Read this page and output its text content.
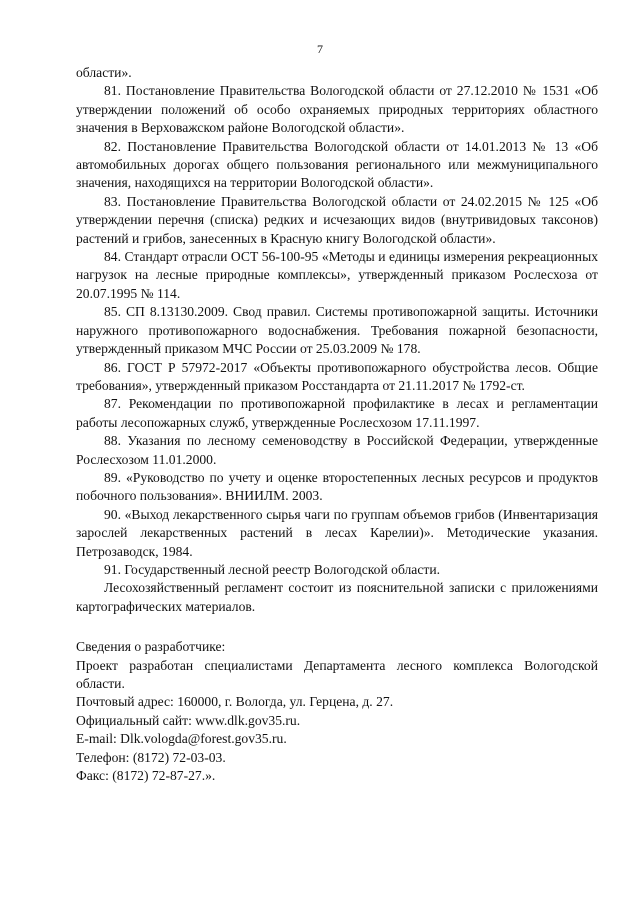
7

области».

81. Постановление Правительства Вологодской области от 27.12.2010 № 1531 «Об утверждении положений об особо охраняемых природных территориях областного значения в Верховажском районе Вологодской области».

82. Постановление Правительства Вологодской области от 14.01.2013 № 13 «Об автомобильных дорогах общего пользования регионального или межмуниципального значения, находящихся на территории Вологодской области».

83. Постановление Правительства Вологодской области от 24.02.2015 № 125 «Об утверждении перечня (списка) редких и исчезающих видов (внутривидовых таксонов) растений и грибов, занесенных в Красную книгу Вологодской области».

84. Стандарт отрасли ОСТ 56-100-95 «Методы и единицы измерения рекреационных нагрузок на лесные природные комплексы», утвержденный приказом Рослесхоза от 20.07.1995 № 114.

85. СП 8.13130.2009. Свод правил. Системы противопожарной защиты. Источники наружного противопожарного водоснабжения. Требования пожарной безопасности, утвержденный приказом МЧС России от 25.03.2009 № 178.

86. ГОСТ Р 57972-2017 «Объекты противопожарного обустройства лесов. Общие требования», утвержденный приказом Росстандарта от 21.11.2017 № 1792-ст.

87. Рекомендации по противопожарной профилактике в лесах и регламентации работы лесопожарных служб, утвержденные Рослесхозом 17.11.1997.

88. Указания по лесному семеноводству в Российской Федерации, утвержденные Рослесхозом 11.01.2000.

89. «Руководство по учету и оценке второстепенных лесных ресурсов и продуктов побочного пользования». ВНИИЛМ. 2003.

90. «Выход лекарственного сырья чаги по группам объемов грибов (Инвентаризация зарослей лекарственных растений в лесах Карелии)». Методические указания. Петрозаводск, 1984.

91. Государственный лесной реестр Вологодской области.

Лесохозяйственный регламент состоит из пояснительной записки с приложениями картографических материалов.

Сведения о разработчике:

Проект разработан специалистами Департамента лесного комплекса Вологодской области.

Почтовый адрес: 160000, г. Вологда, ул. Герцена, д. 27.

Официальный сайт: www.dlk.gov35.ru.

E-mail: Dlk.vologda@forest.gov35.ru.

Телефон: (8172) 72-03-03.

Факс: (8172) 72-87-27.».
